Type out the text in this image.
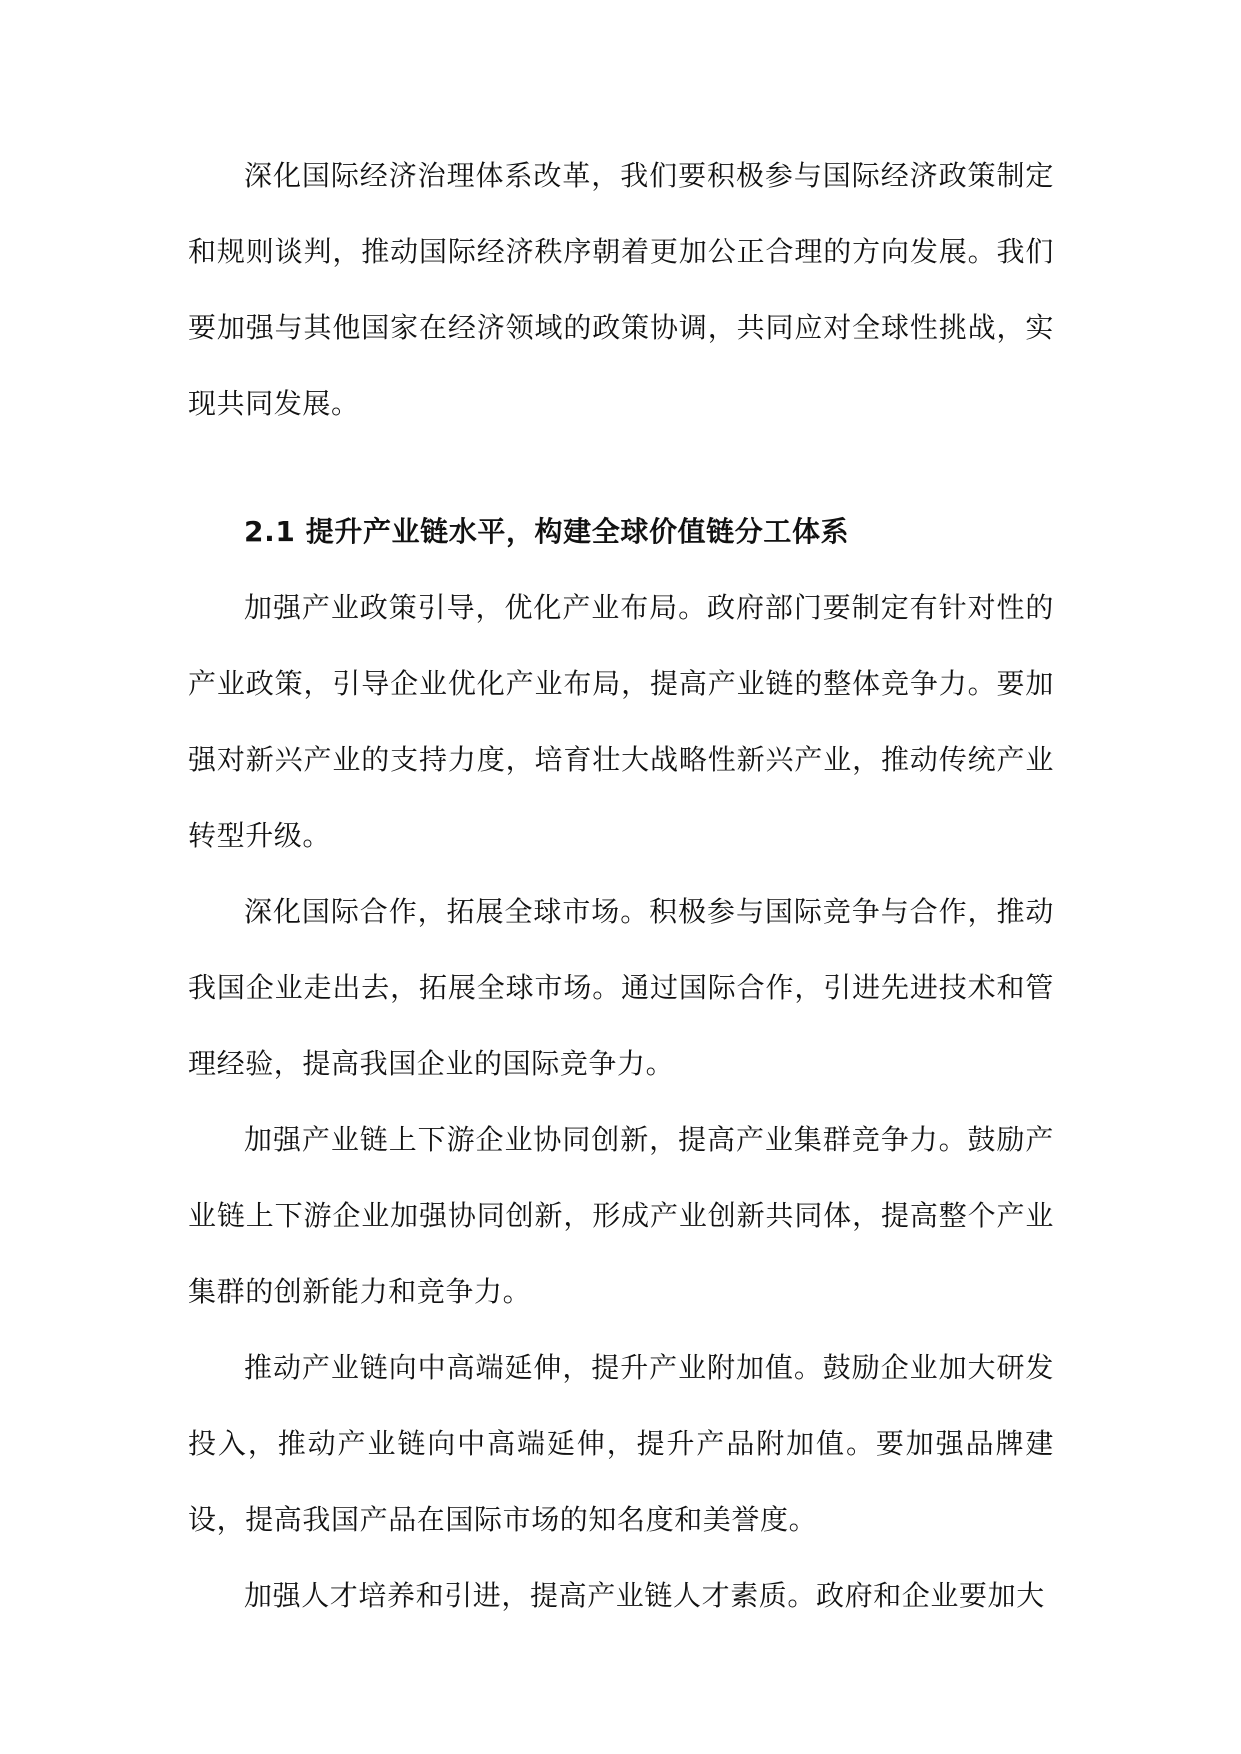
深化国际经济治理体系改革，我们要积极参与国际经济政策制定和规则谈判，推动国际经济秩序朝着更加公正合理的方向发展。我们要加强与其他国家在经济领域的政策协调，共同应对全球性挑战，实现共同发展。

2.1 提升产业链水平，构建全球价值链分工体系

加强产业政策引导，优化产业布局。政府部门要制定有针对性的产业政策，引导企业优化产业布局，提高产业链的整体竞争力。要加强对新兴产业的支持力度，培育壮大战略性新兴产业，推动传统产业转型升级。

深化国际合作，拓展全球市场。积极参与国际竞争与合作，推动我国企业走出去，拓展全球市场。通过国际合作，引进先进技术和管理经验，提高我国企业的国际竞争力。

加强产业链上下游企业协同创新，提高产业集群竞争力。鼓励产业链上下游企业加强协同创新，形成产业创新共同体，提高整个产业集群的创新能力和竞争力。

推动产业链向中高端延伸，提升产业附加值。鼓励企业加大研发投入，推动产业链向中高端延伸，提升产品附加值。要加强品牌建设，提高我国产品在国际市场的知名度和美誉度。

加强人才培养和引进，提高产业链人才素质。政府和企业要加大
